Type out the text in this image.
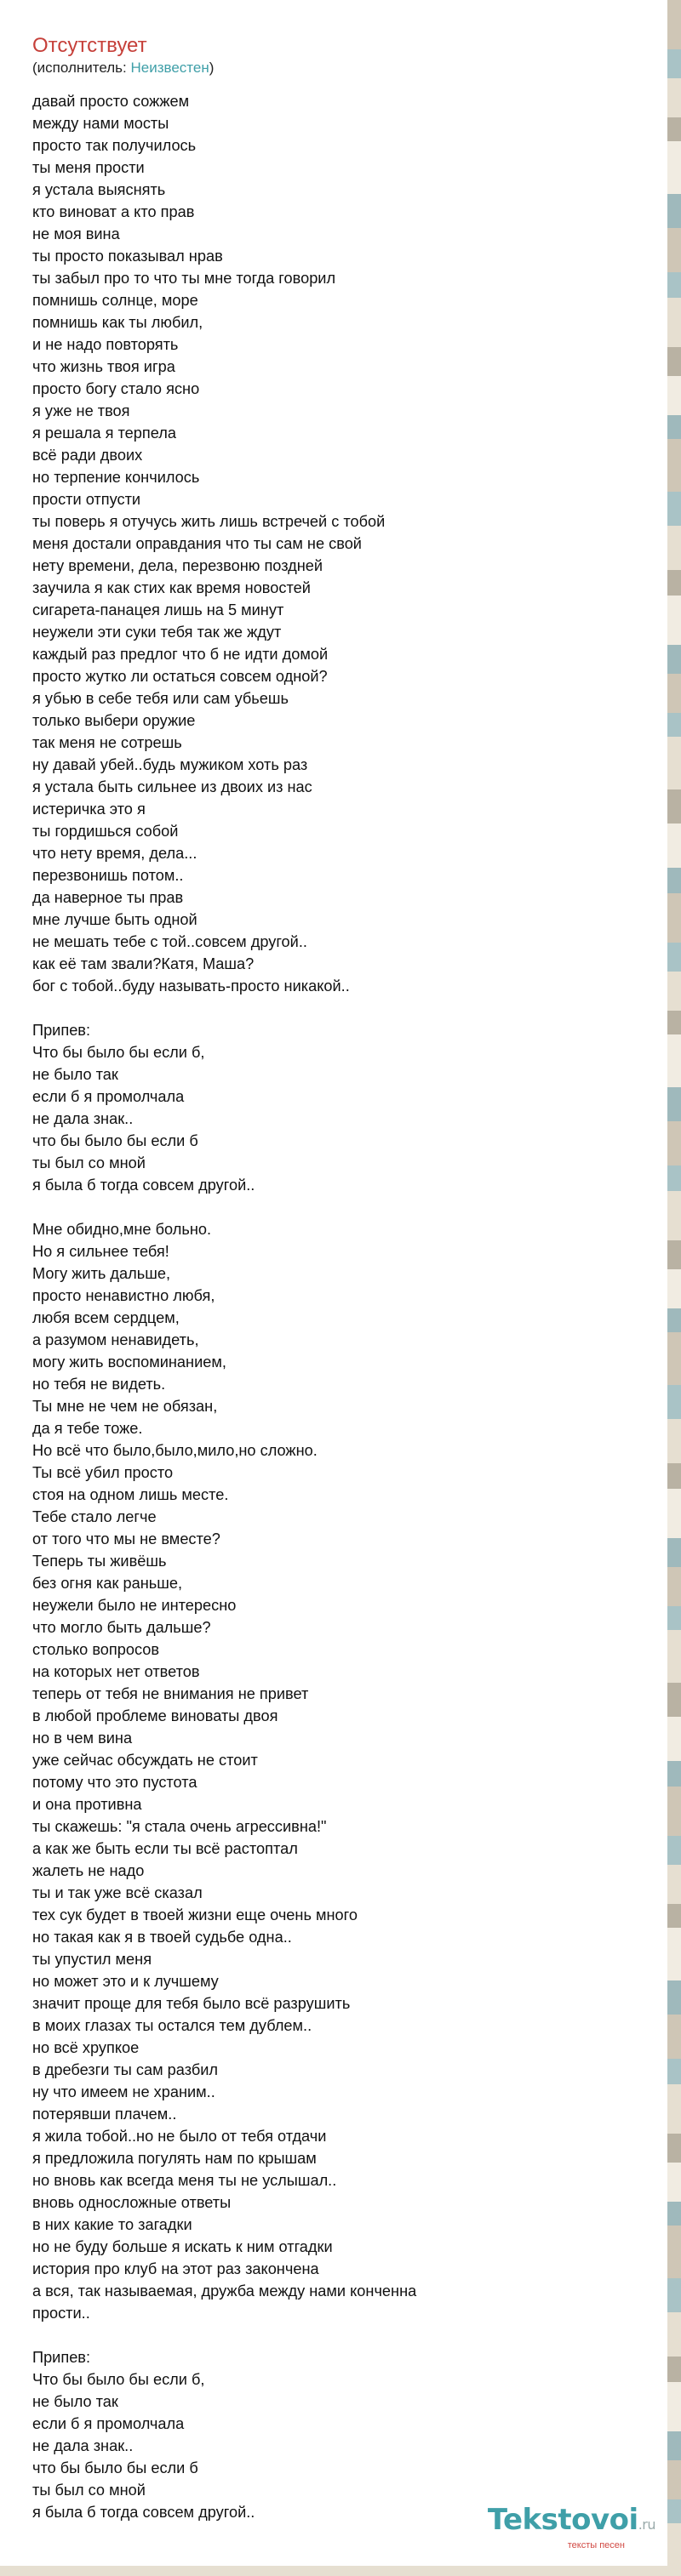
Отсутствует
(исполнитель: Неизвестен)
давай просто сожжем
между нами мосты
просто так получилось
ты меня прости
я устала выяснять
кто виноват а кто прав
не моя вина
ты просто показывал нрав
ты забыл про то что ты мне тогда говорил
помнишь солнце, море
помнишь как ты любил,
и не надо повторять
что жизнь твоя игра
просто богу стало ясно
я уже не твоя
я решала я терпела
всё ради двоих
но терпение кончилось
прости отпусти
ты поверь я отучусь жить лишь встречей с тобой
меня достали оправдания что ты сам не свой
нету времени, дела, перезвоню поздней
заучила я как стих как время новостей
сигарета-панацея лишь на 5 минут
неужели эти суки тебя так же ждут
каждый раз предлог что б не идти домой
просто жутко ли остаться совсем одной?
я убью в себе тебя или сам убьешь
только выбери оружие
так меня не сотрешь
ну давай убей..будь мужиком хоть раз
я устала быть сильнее из двоих из нас
истеричка это я
ты гордишься собой
что нету время, дела...
перезвонишь потом..
да наверное ты прав
мне лучше быть одной
не мешать тебе с той..совсем другой..
как её там звали?Катя, Маша?
бог с тобой..буду называть-просто никакой..

Припев:
Что бы было бы если б,
не было так
если б я промолчала
не дала знак..
что бы было бы если б
ты был со мной
я была б тогда совсем другой..

Мне обидно,мне больно.
Но я сильнее тебя!
Могу жить дальше,
просто ненавистно любя,
любя всем сердцем,
а разумом ненавидеть,
могу жить воспоминанием,
но тебя не видеть.
Ты мне не чем не обязан,
да я тебе тоже.
Но всё что было,было,мило,но сложно.
Ты всё убил просто
стоя на одном лишь месте.
Тебе стало легче
от того что мы не вместе?
Теперь ты живёшь
без огня как раньше,
неужели было не интересно
что могло быть дальше?
столько вопросов
на которых нет ответов
теперь от тебя не внимания не привет
в любой проблеме виноваты двоя
но в чем вина
уже сейчас обсуждать не стоит
потому что это пустота
и она противна
ты скажешь: "я стала очень агрессивна!"
а как же быть если ты всё растоптал
жалеть не надо
ты и так уже всё сказал
тех сук будет в твоей жизни еще очень много
но такая как я в твоей судьбе одна..
ты упустил меня
но может это и к лучшему
значит проще для тебя было всё разрушить
в моих глазах ты остался тем дублем..
но всё хрупкое
в дребезги ты сам разбил
ну что имеем не храним..
потерявши плачем..
я жила тобой..но не было от тебя отдачи
я предложила погулять нам по крышам
но вновь как всегда меня ты не услышал..
вновь односложные ответы
в них какие то загадки
но не буду больше я искать к ним отгадки
история про клуб на этот раз закончена
а вся, так называемая, дружба между нами конченна
прости..

Припев:
Что бы было бы если б,
не было так
если б я промолчала
не дала знак..
что бы было бы если б
ты был со мной
я была б тогда совсем другой..	Tekstovoi.ru
тексты песен
